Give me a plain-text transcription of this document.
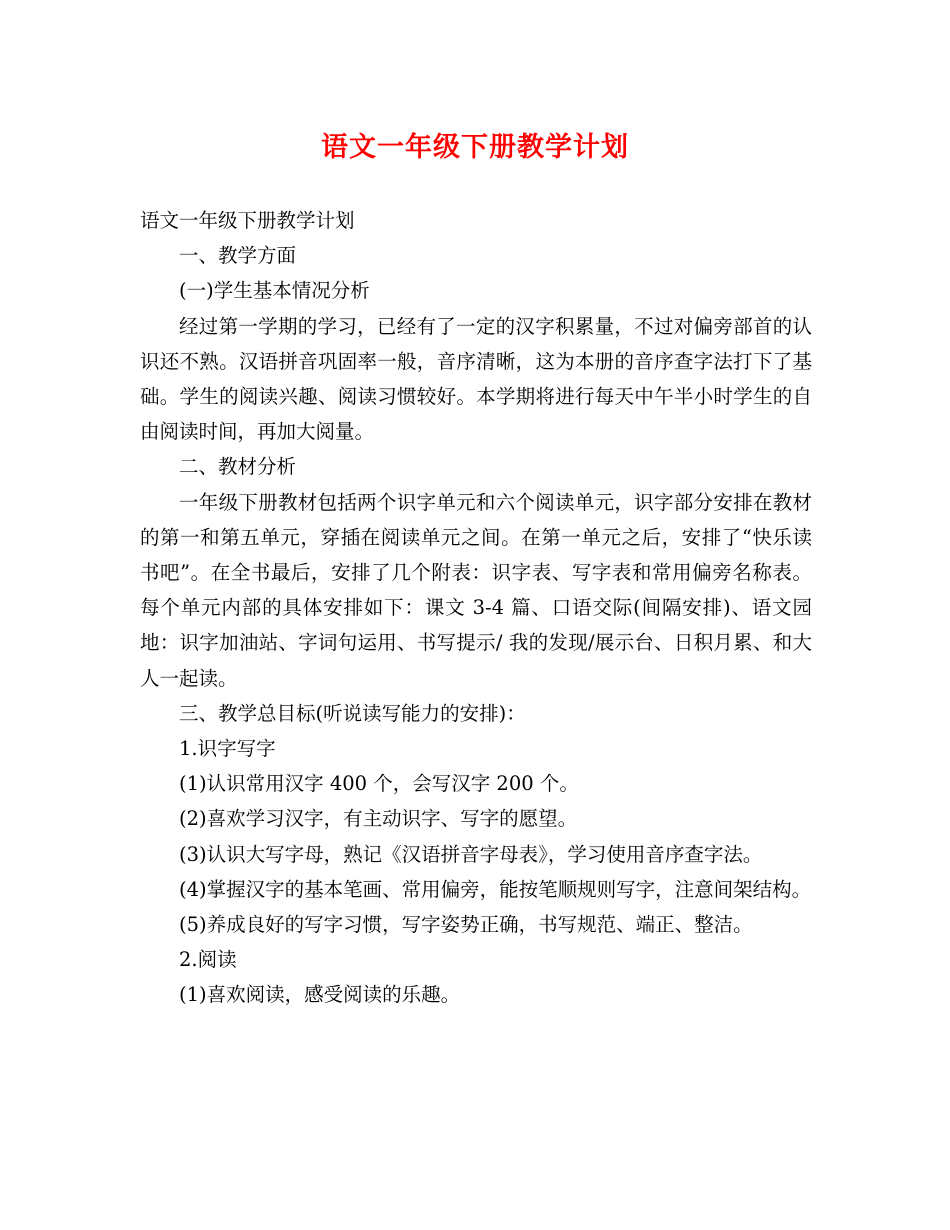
语文一年级下册教学计划

语文一年级下册教学计划

一、教学方面

(一)学生基本情况分析

经过第一学期的学习，已经有了一定的汉字积累量，不过对偏旁部首的认识还不熟。汉语拼音巩固率一般，音序清晰，这为本册的音序查字法打下了基础。学生的阅读兴趣、阅读习惯较好。本学期将进行每天中午半小时学生的自由阅读时间，再加大阅量。

二、教材分析

一年级下册教材包括两个识字单元和六个阅读单元，识字部分安排在教材的第一和第五单元，穿插在阅读单元之间。在第一单元之后，安排了“快乐读书吧”。在全书最后，安排了几个附表：识字表、写字表和常用偏旁名称表。每个单元内部的具体安排如下：课文 3-4 篇、口语交际(间隔安排)、语文园地：识字加油站、字词句运用、书写提示/ 我的发现/展示台、日积月累、和大人一起读。

三、教学总目标(听说读写能力的安排)：

1.识字写字

(1)认识常用汉字 400 个，会写汉字 200 个。

(2)喜欢学习汉字，有主动识字、写字的愿望。

(3)认识大写字母，熟记《汉语拼音字母表》，学习使用音序查字法。

(4)掌握汉字的基本笔画、常用偏旁，能按笔顺规则写字，注意间架结构。

(5)养成良好的写字习惯，写字姿势正确，书写规范、端正、整洁。

2.阅读

(1)喜欢阅读，感受阅读的乐趣。
